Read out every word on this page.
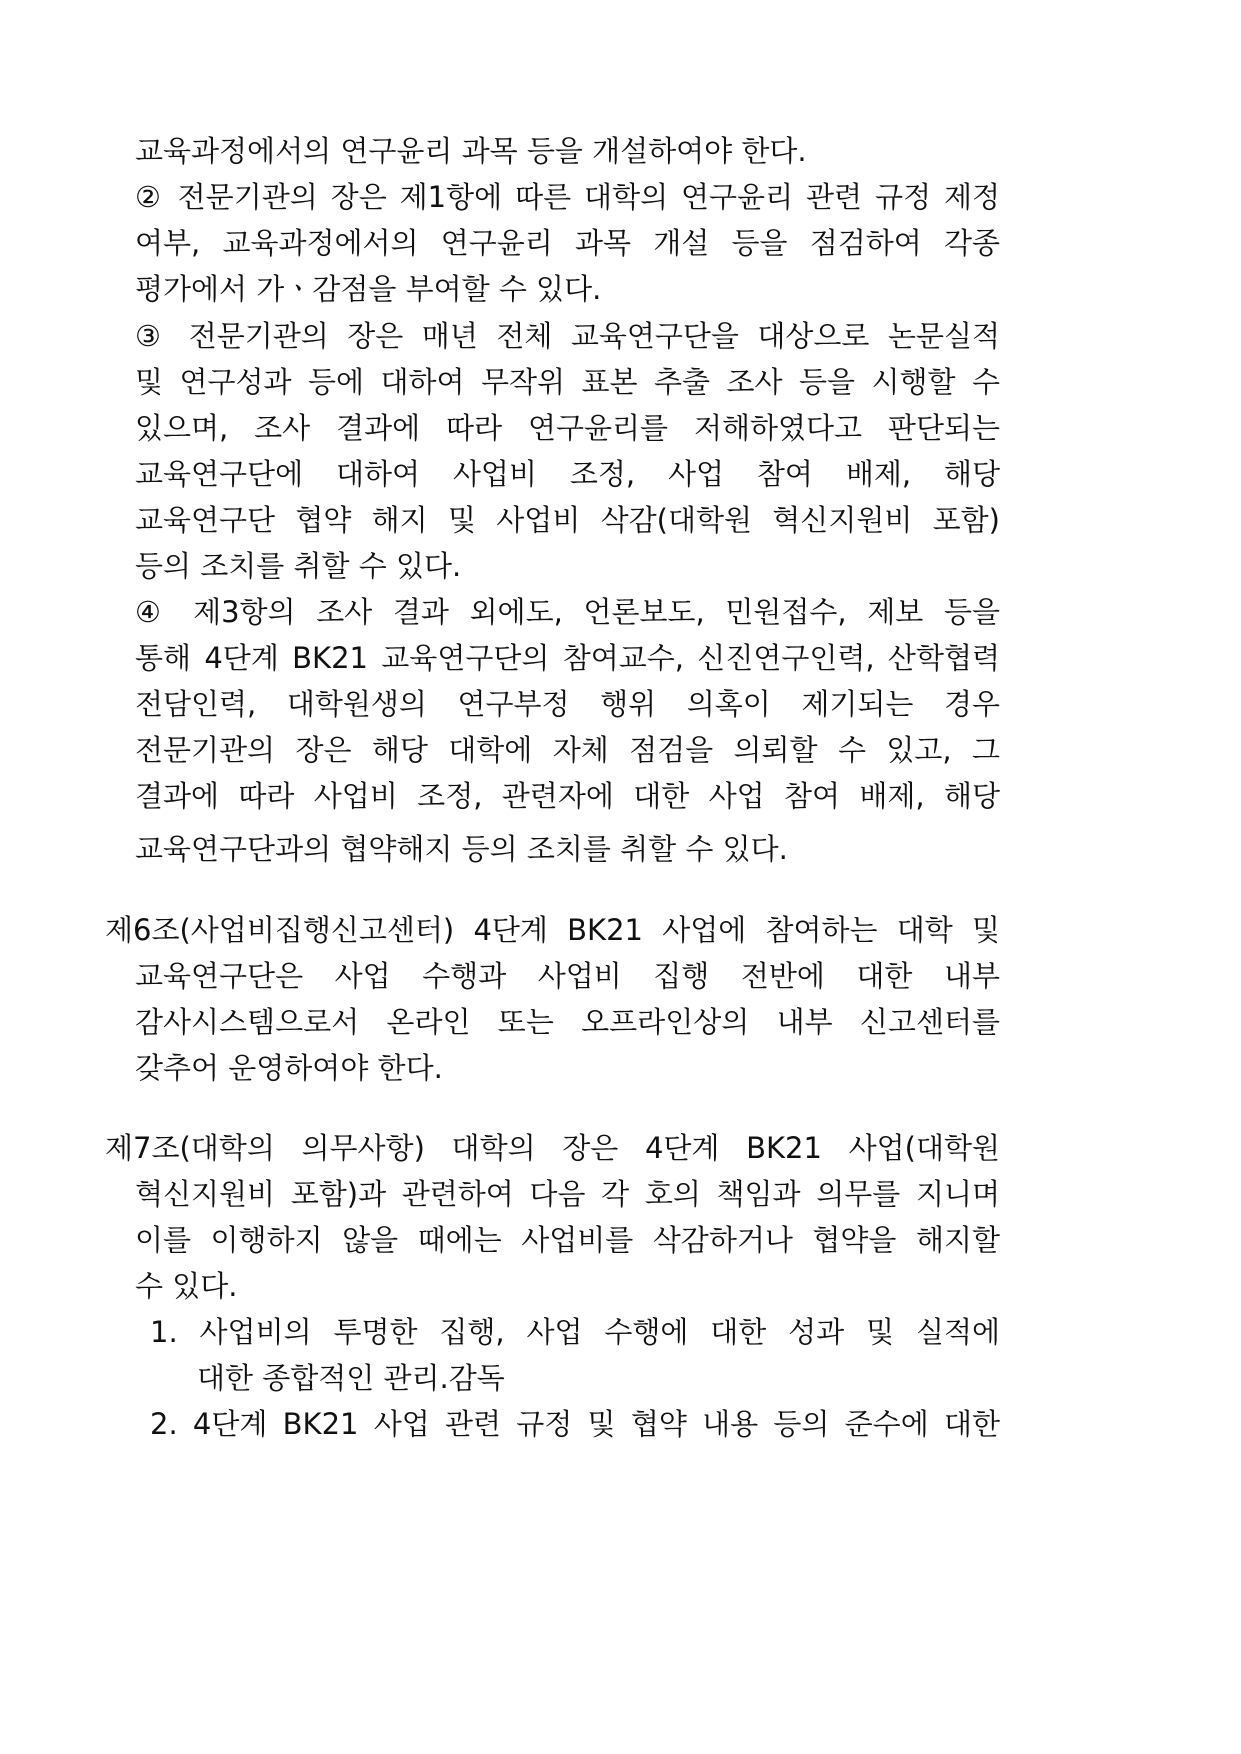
교육과정에서의 연구윤리 과목 등을 개설하여야 한다.
② 전문기관의 장은 제1항에 따른 대학의 연구윤리 관련 규정 제정
여부, 교육과정에서의 연구윤리 과목 개설 등을 점검하여 각종
평가에서 가ㆍ감점을 부여할 수 있다.
③ 전문기관의 장은 매년 전체 교육연구단을 대상으로 논문실적
및 연구성과 등에 대하여 무작위 표본 추출 조사 등을 시행할 수
있으며, 조사 결과에 따라 연구윤리를 저해하였다고 판단되는
교육연구단에 대하여 사업비 조정, 사업 참여 배제, 해당
교육연구단 협약 해지 및 사업비 삭감(대학원 혁신지원비 포함)
등의 조치를 취할 수 있다.
④ 제3항의 조사 결과 외에도, 언론보도, 민원접수, 제보 등을
통해 4단계 BK21 교육연구단의 참여교수, 신진연구인력, 산학협력
전담인력, 대학원생의 연구부정 행위 의혹이 제기되는 경우
전문기관의 장은 해당 대학에 자체 점검을 의뢰할 수 있고, 그
결과에 따라 사업비 조정, 관련자에 대한 사업 참여 배제, 해당
교육연구단과의 협약해지 등의 조치를 취할 수 있다.
제6조(사업비집행신고센터) 4단계 BK21 사업에 참여하는 대학 및
교육연구단은 사업 수행과 사업비 집행 전반에 대한 내부
감사시스템으로서 온라인 또는 오프라인상의 내부 신고센터를
갖추어 운영하여야 한다.
제7조(대학의 의무사항) 대학의 장은 4단계 BK21 사업(대학원
혁신지원비 포함)과 관련하여 다음 각 호의 책임과 의무를 지니며
이를 이행하지 않을 때에는 사업비를 삭감하거나 협약을 해지할
수 있다.
1. 사업비의 투명한 집행, 사업 수행에 대한 성과 및 실적에
대한 종합적인 관리.감독
2. 4단계 BK21 사업 관련 규정 및 협약 내용 등의 준수에 대한
